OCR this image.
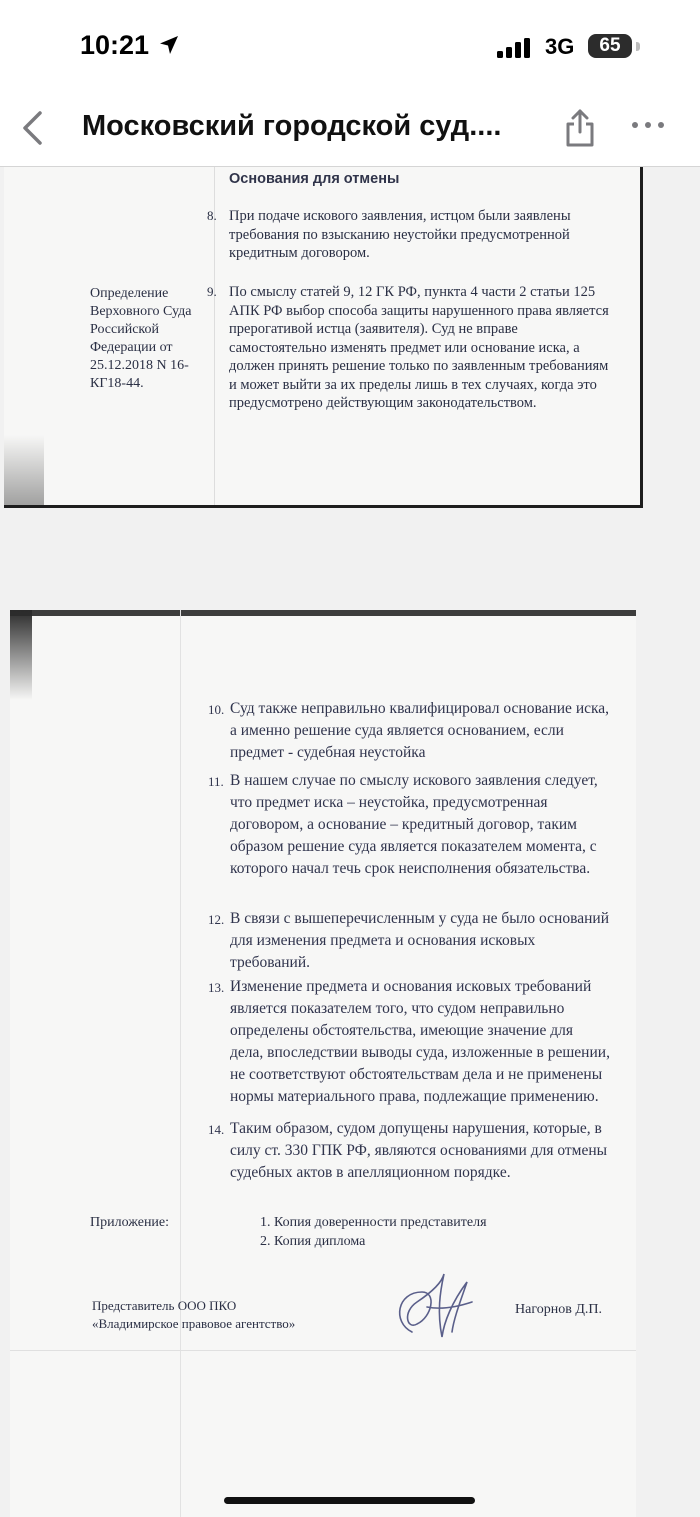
10:21	3G	65
Московский городской суд....
Основания для отмены
Определение Верховного Суда Российской Федерации от 25.12.2018 N 16-КГ18-44.
8. При подаче искового заявления, истцом были заявлены требования по взысканию неустойки предусмотренной кредитным договором.
9. По смыслу статей 9, 12 ГК РФ, пункта 4 части 2 статьи 125 АПК РФ выбор способа защиты нарушенного права является прерогативой истца (заявителя). Суд не вправе самостоятельно изменять предмет или основание иска, а должен принять решение только по заявленным требованиям и может выйти за их пределы лишь в тех случаях, когда это предусмотрено действующим законодательством.
10. Суд также неправильно квалифицировал основание иска, а именно решение суда является основанием, если предмет - судебная неустойка
11. В нашем случае по смыслу искового заявления следует, что предмет иска – неустойка, предусмотренная договором, а основание – кредитный договор, таким образом решение суда является показателем момента, с которого начал течь срок неисполнения обязательства.
12. В связи с вышеперечисленным у суда не было оснований для изменения предмета и основания исковых требований.
13. Изменение предмета и основания исковых требований является показателем того, что судом неправильно определены обстоятельства, имеющие значение для дела, впоследствии выводы суда, изложенные в решении, не соответствуют обстоятельствам дела и не применены нормы материального права, подлежащие применению.
14. Таким образом, судом допущены нарушения, которые, в силу ст. 330 ГПК РФ, являются основаниями для отмены судебных актов в апелляционном порядке.
Приложение:	1. Копия доверенности представителя
2. Копия диплома
Представитель ООО ПКО
«Владимирское правовое агентство»
Нагорнов Д.П.
